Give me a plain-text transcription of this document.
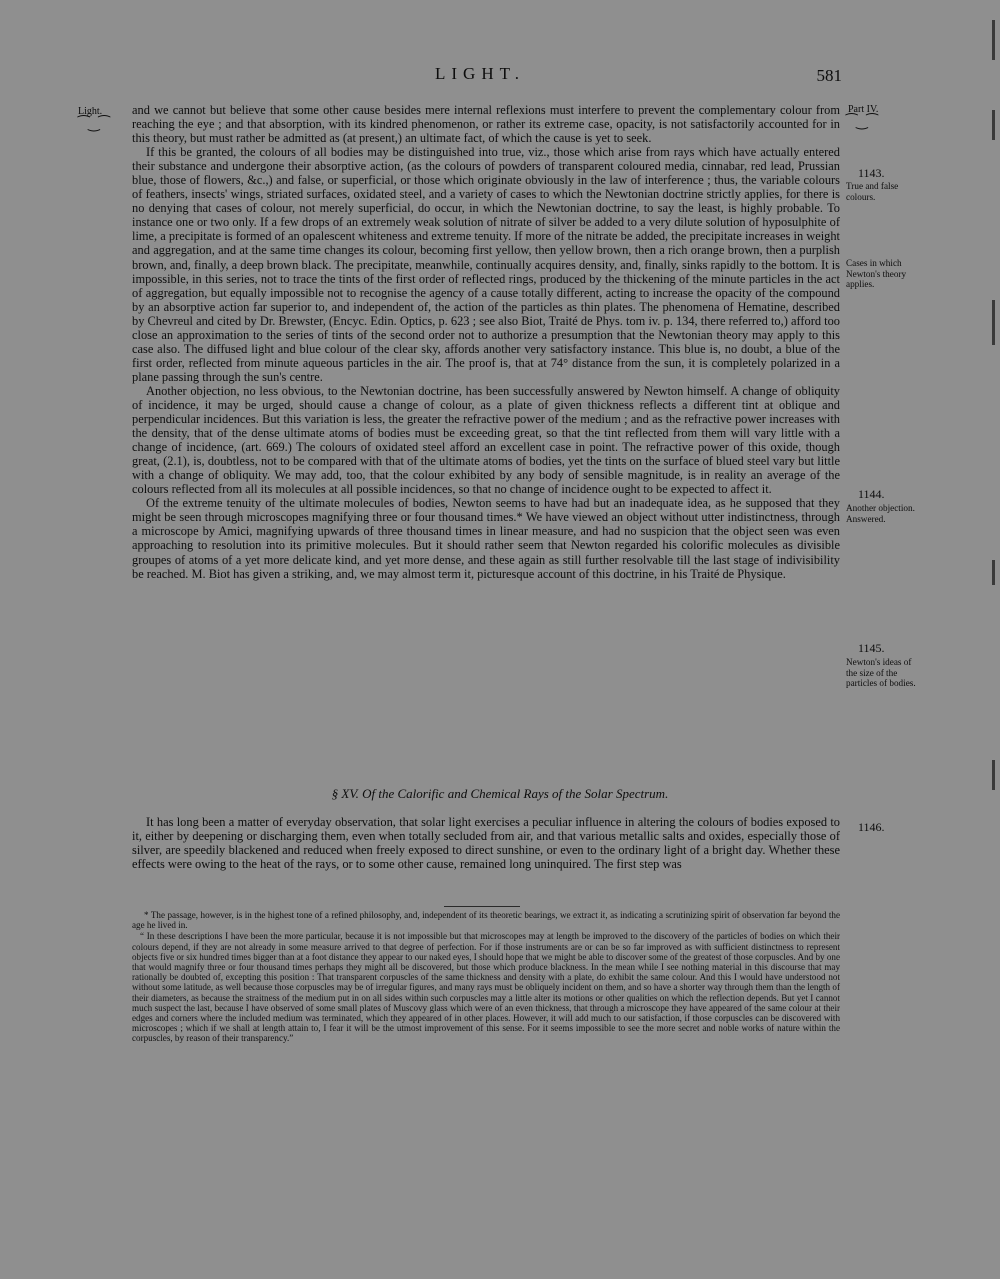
LIGHT.	581
Light.
⁀‿⁀
Part IV.
⁀‿⁀

and we cannot but believe that some other cause besides mere internal reflexions must interfere to prevent the complementary colour from reaching the eye ; and that absorption, with its kindred phenomenon, or rather its extreme case, opacity, is not satisfactorily accounted for in this theory, but must rather be admitted as (at present,) an ultimate fact, of which the cause is yet to seek.

If this be granted, the colours of all bodies may be distinguished into true, viz., those which arise from rays which have actually entered their substance and undergone their absorptive action, (as the colours of powders of transparent coloured media, cinnabar, red lead, Prussian blue, those of flowers, &c.,) and false, or superficial, or those which originate obviously in the law of interference ; thus, the variable colours of feathers, insects' wings, striated surfaces, oxidated steel, and a variety of cases to which the Newtonian doctrine strictly applies, for there is no denying that cases of colour, not merely superficial, do occur, in which the Newtonian doctrine, to say the least, is highly probable. To instance one or two only. If a few drops of an extremely weak solution of nitrate of silver be added to a very dilute solution of hyposulphite of lime, a precipitate is formed of an opalescent whiteness and extreme tenuity. If more of the nitrate be added, the precipitate increases in weight and aggregation, and at the same time changes its colour, becoming first yellow, then yellow brown, then a rich orange brown, then a purplish brown, and, finally, a deep brown black. The precipitate, meanwhile, continually acquires density, and, finally, sinks rapidly to the bottom. It is impossible, in this series, not to trace the tints of the first order of reflected rings, produced by the thickening of the minute particles in the act of aggregation, but equally impossible not to recognise the agency of a cause totally different, acting to increase the opacity of the compound by an absorptive action far superior to, and independent of, the action of the particles as thin plates. The phenomena of Hematine, described by Chevreul and cited by Dr. Brewster, (Encyc. Edin. Optics, p. 623 ; see also Biot, Traité de Phys. tom iv. p. 134, there referred to,) afford too close an approximation to the series of tints of the second order not to authorize a presumption that the Newtonian theory may apply to this case also. The diffused light and blue colour of the clear sky, affords another very satisfactory instance. This blue is, no doubt, a blue of the first order, reflected from minute aqueous particles in the air. The proof is, that at 74° distance from the sun, it is completely polarized in a plane passing through the sun's centre.

Another objection, no less obvious, to the Newtonian doctrine, has been successfully answered by Newton himself. A change of obliquity of incidence, it may be urged, should cause a change of colour, as a plate of given thickness reflects a different tint at oblique and perpendicular incidences. But this variation is less, the greater the refractive power of the medium ; and as the refractive power increases with the density, that of the dense ultimate atoms of bodies must be exceeding great, so that the tint reflected from them will vary little with a change of incidence, (art. 669.) The colours of oxidated steel afford an excellent case in point. The refractive power of this oxide, though great, (2.1), is, doubtless, not to be compared with that of the ultimate atoms of bodies, yet the tints on the surface of blued steel vary but little with a change of obliquity. We may add, too, that the colour exhibited by any body of sensible magnitude, is in reality an average of the colours reflected from all its molecules at all possible incidences, so that no change of incidence ought to be expected to affect it.

Of the extreme tenuity of the ultimate molecules of bodies, Newton seems to have had but an inadequate idea, as he supposed that they might be seen through microscopes magnifying three or four thousand times.* We have viewed an object without utter indistinctness, through a microscope by Amici, magnifying upwards of three thousand times in linear measure, and had no suspicion that the object seen was even approaching to resolution into its primitive molecules. But it should rather seem that Newton regarded his colorific molecules as divisible groupes of atoms of a yet more delicate kind, and yet more dense, and these again as still further resolvable till the last stage of indivisibility be reached. M. Biot has given a striking, and, we may almost term it, picturesque account of this doctrine, in his Traité de Physique.

1143.
True and false colours.
Cases in which Newton's theory applies.
1144.
Another objection. Answered.
1145.
Newton's ideas of the size of the particles of bodies.
§ XV. Of the Calorific and Chemical Rays of the Solar Spectrum.

It has long been a matter of everyday observation, that solar light exercises a peculiar influence in altering the colours of bodies exposed to it, either by deepening or discharging them, even when totally secluded from air, and that various metallic salts and oxides, especially those of silver, are speedily blackened and reduced when freely exposed to direct sunshine, or even to the ordinary light of a bright day. Whether these effects were owing to the heat of the rays, or to some other cause, remained long uninquired. The first step was

1146.

* The passage, however, is in the highest tone of a refined philosophy, and, independent of its theoretic bearings, we extract it, as indicating a scrutinizing spirit of observation far beyond the age he lived in.

“ In these descriptions I have been the more particular, because it is not impossible but that microscopes may at length be improved to the discovery of the particles of bodies on which their colours depend, if they are not already in some measure arrived to that degree of perfection. For if those instruments are or can be so far improved as with sufficient distinctness to represent objects five or six hundred times bigger than at a foot distance they appear to our naked eyes, I should hope that we might be able to discover some of the greatest of those corpuscles. And by one that would magnify three or four thousand times perhaps they might all be discovered, but those which produce blackness. In the mean while I see nothing material in this discourse that may rationally be doubted of, excepting this position : That transparent corpuscles of the same thickness and density with a plate, do exhibit the same colour. And this I would have understood not without some latitude, as well because those corpuscles may be of irregular figures, and many rays must be obliquely incident on them, and so have a shorter way through them than the length of their diameters, as because the straitness of the medium put in on all sides within such corpuscles may a little alter its motions or other qualities on which the reflection depends. But yet I cannot much suspect the last, because I have observed of some small plates of Muscovy glass which were of an even thickness, that through a microscope they have appeared of the same colour at their edges and corners where the included medium was terminated, which they appeared of in other places. However, it will add much to our satisfaction, if those corpuscles can be discovered with microscopes ; which if we shall at length attain to, I fear it will be the utmost improvement of this sense. For it seems impossible to see the more secret and noble works of nature within the corpuscles, by reason of their transparency.”
